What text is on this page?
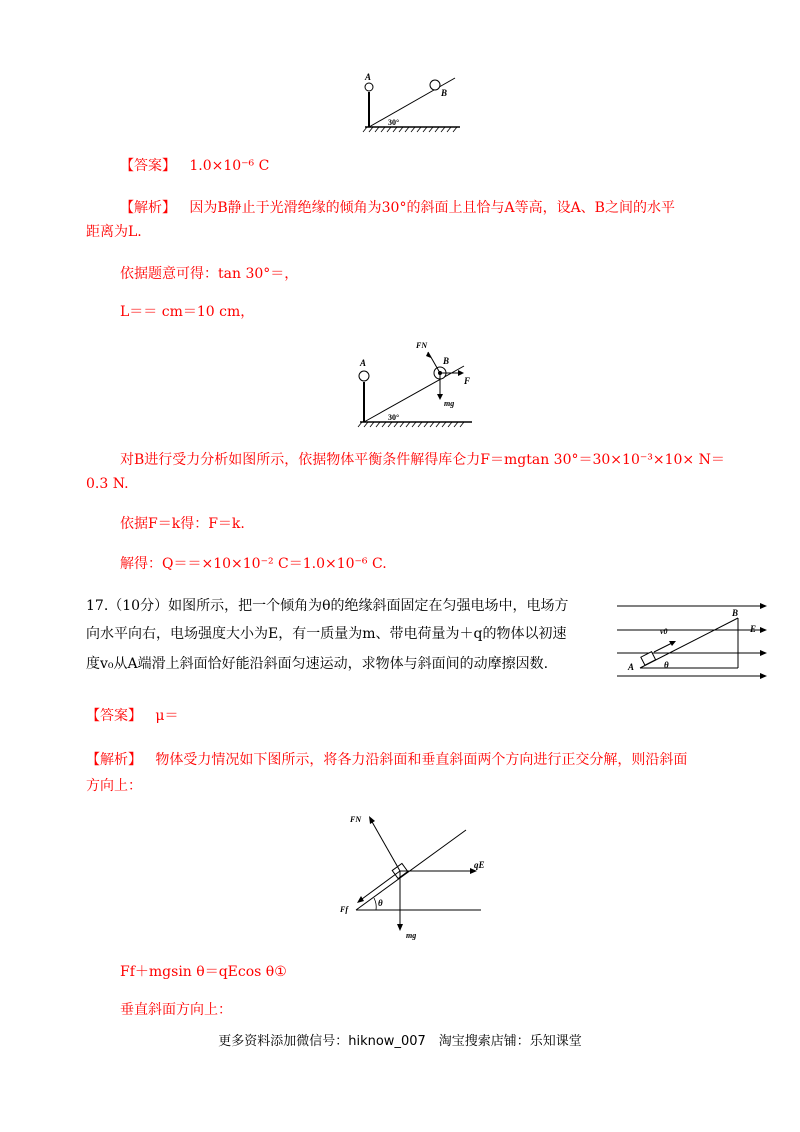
A
B
30°
【答案】 1.0×10⁻⁶ C
【解析】 因为B静止于光滑绝缘的倾角为30°的斜面上且恰与A等高，设A、B之间的水平
距离为L.
依据题意可得：tan 30°＝，
L＝＝ cm＝10 cm，
A	B
FN
F
mg
30°
对B进行受力分析如图所示，依据物体平衡条件解得库仑力F＝mgtan 30°＝30×10⁻³×10× N＝
0.3 N.
依据F＝k得：F＝k.
解得：Q＝＝×10×10⁻² C＝1.0×10⁻⁶ C.
17.（10分）如图所示，把一个倾角为θ的绝缘斜面固定在匀强电场中，电场方
向水平向右，电场强度大小为E，有一质量为m、带电荷量为＋q的物体以初速
度v₀从A端滑上斜面恰好能沿斜面匀速运动，求物体与斜面间的动摩擦因数.
B
E
v0
A	θ
【答案】 μ＝
【解析】 物体受力情况如下图所示，将各力沿斜面和垂直斜面两个方向进行正交分解，则沿斜面
方向上：
FN
qE
Ff
θ
mg
Ff＋mgsin θ＝qEcos θ①
垂直斜面方向上：
更多资料添加微信号：hiknow_007　淘宝搜索店铺：乐知课堂
